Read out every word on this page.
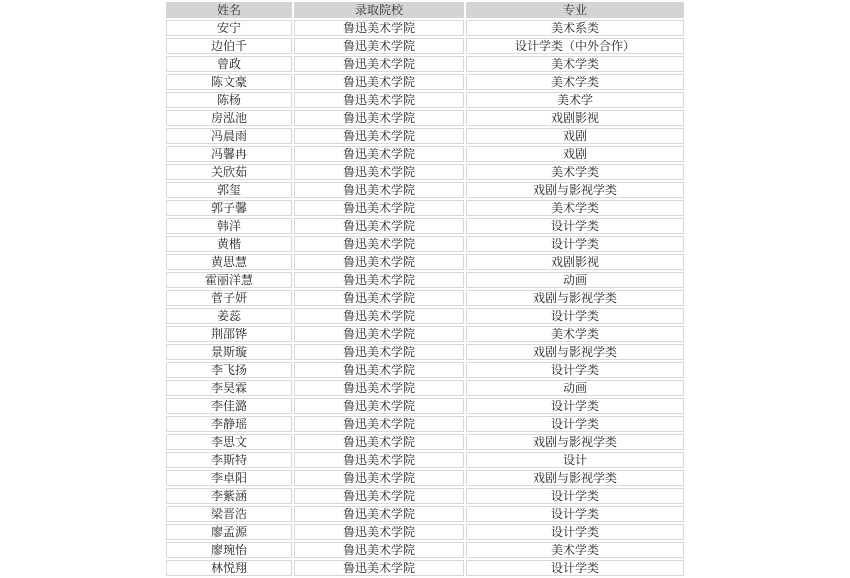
姓名	录取院校	专业
安宁	鲁迅美术学院	美术系类
边伯千	鲁迅美术学院	设计学类（中外合作）
曾政	鲁迅美术学院	美术学类
陈文豪	鲁迅美术学院	美术学类
陈杨	鲁迅美术学院	美术学
房泓池	鲁迅美术学院	戏剧影视
冯晨雨	鲁迅美术学院	戏剧
冯馨冉	鲁迅美术学院	戏剧
关欣茹	鲁迅美术学院	美术学类
郭玺	鲁迅美术学院	戏剧与影视学类
郭子馨	鲁迅美术学院	美术学类
韩洋	鲁迅美术学院	设计学类
黄楷	鲁迅美术学院	设计学类
黄思慧	鲁迅美术学院	戏剧影视
霍丽洋慧	鲁迅美术学院	动画
菅子妍	鲁迅美术学院	戏剧与影视学类
姜蕊	鲁迅美术学院	设计学类
荆邵铧	鲁迅美术学院	美术学类
景斯璇	鲁迅美术学院	戏剧与影视学类
李飞扬	鲁迅美术学院	设计学类
李昊霖	鲁迅美术学院	动画
李佳潞	鲁迅美术学院	设计学类
李静瑶	鲁迅美术学院	设计学类
李思文	鲁迅美术学院	戏剧与影视学类
李斯特	鲁迅美术学院	设计
李卓阳	鲁迅美术学院	戏剧与影视学类
李紫涵	鲁迅美术学院	设计学类
梁晋浩	鲁迅美术学院	设计学类
廖孟源	鲁迅美术学院	设计学类
廖琬怡	鲁迅美术学院	美术学类
林悦翔	鲁迅美术学院	设计学类
